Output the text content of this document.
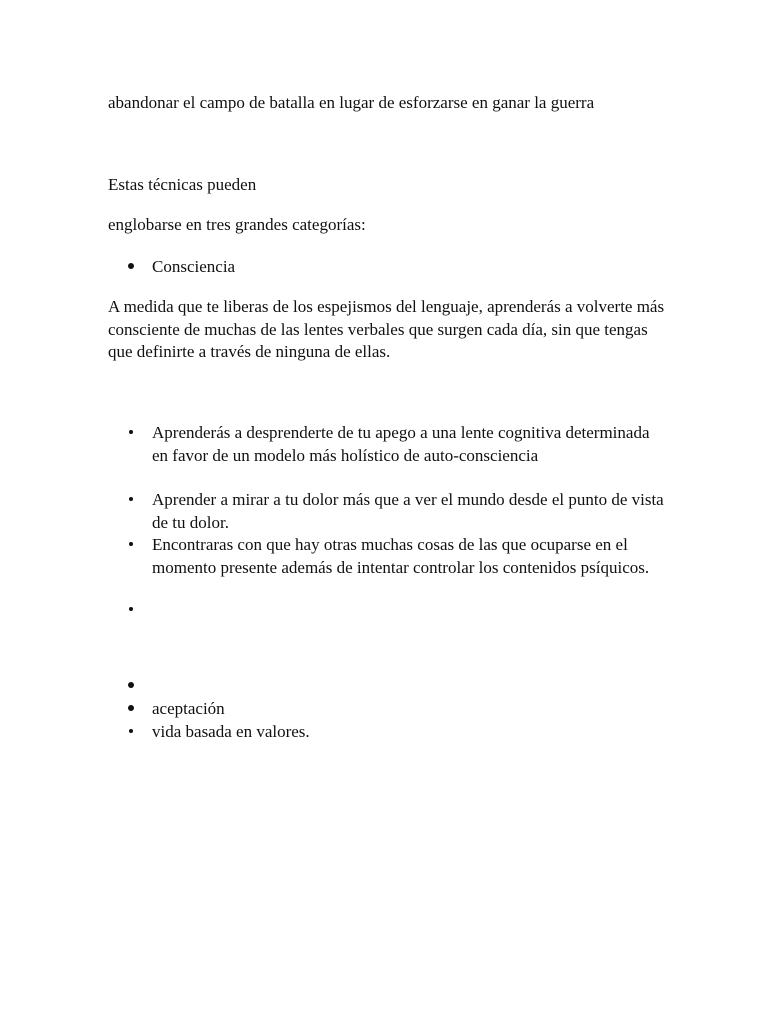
abandonar el campo de batalla en lugar de esforzarse en ganar la guerra

Estas técnicas pueden

englobarse en tres grandes categorías:

Consciencia

A medida que te liberas de los espejismos del lenguaje, aprenderás a volverte más consciente de muchas de las lentes verbales que surgen cada día, sin que tengas que definirte a través de ninguna de ellas.

Aprenderás a desprenderte de tu apego a una lente cognitiva determinada en favor de un modelo más holístico de auto-consciencia
Aprender a mirar a tu dolor más que a ver el mundo desde el punto de vista de tu dolor.
Encontraras con que hay otras muchas cosas de las que ocuparse en el momento presente además de intentar controlar los contenidos psíquicos.
aceptación
vida basada en valores.
